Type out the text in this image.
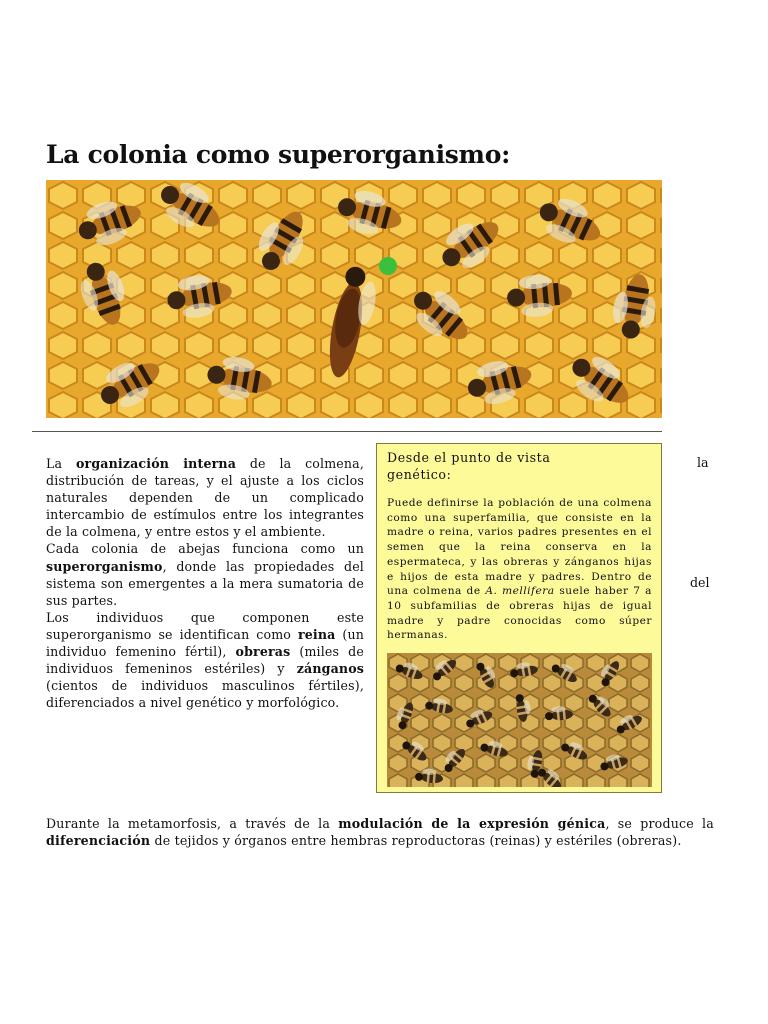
La colonia como superorganismo:

La organización interna de la colmena, distribución de tareas, y el ajuste a los ciclos naturales dependen de un complicado intercambio de estímulos entre los integrantes de la colmena, y entre estos y el ambiente.

Cada colonia de abejas funciona como un superorganismo, donde las propiedades del sistema son emergentes a la mera sumatoria de sus partes.

Los individuos que componen este superorganismo se identifican como reina (un individuo femenino fértil), obreras (miles de individuos femeninos estériles) y zánganos (cientos de individuos masculinos fértiles), diferenciados a nivel genético y morfológico.

la
del
Desde el punto de vista genético:
Puede definirse la población de una colmena como una superfamilia, que consiste en la madre o reina, varios padres presentes en el semen que la reina conserva en la espermateca, y las obreras y zánganos hijas e hijos de esta madre y padres. Dentro de una colmena de A. mellifera suele haber 7 a 10 subfamilias de obreras hijas de igual madre y padre conocidas como súper hermanas.
Durante la metamorfosis, a través de la modulación de la expresión génica, se produce la diferenciación de tejidos y órganos entre hembras reproductoras (reinas) y estériles (obreras).
